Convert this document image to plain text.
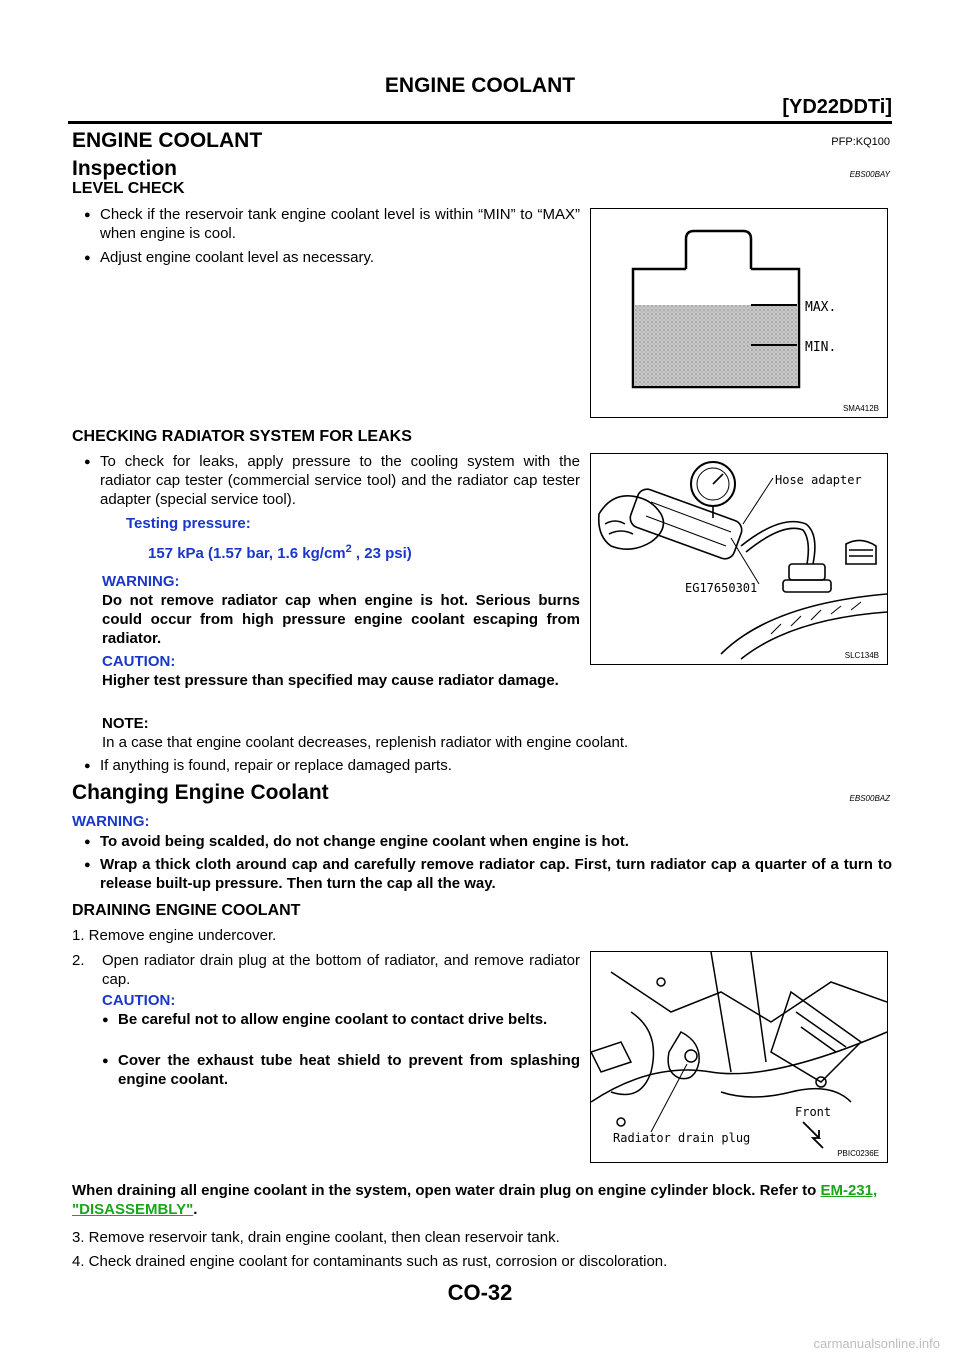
ENGINE COOLANT
[YD22DDTi]
ENGINE COOLANT	PFP:KQ100
Inspection	EBS00BAY
LEVEL CHECK
● Check if the reservoir tank engine coolant level is within “MIN” to “MAX” when engine is cool.
● Adjust engine coolant level as necessary.
MAX.
MIN.
SMA412B
CHECKING RADIATOR SYSTEM FOR LEAKS
● To check for leaks, apply pressure to the cooling system with the radiator cap tester (commercial service tool) and the radiator cap tester adapter (special service tool).
Testing pressure:
157 kPa (1.57 bar, 1.6 $kg/cm^2$ , 23 psi)
WARNING:
Do not remove radiator cap when engine is hot. Serious burns could occur from high pressure engine coolant escaping from radiator.
CAUTION:
Higher test pressure than specified may cause radiator damage.
NOTE:
In a case that engine coolant decreases, replenish radiator with engine coolant.
● If anything is found, repair or replace damaged parts.
Hose adapter
EG17650301
SLC134B
Changing Engine Coolant	EBS00BAZ
WARNING:
● To avoid being scalded, do not change engine coolant when engine is hot.
● Wrap a thick cloth around cap and carefully remove radiator cap. First, turn radiator cap a quarter of a turn to release built-up pressure. Then turn the cap all the way.
DRAINING ENGINE COOLANT
1. Remove engine undercover.
2.	Open radiator drain plug at the bottom of radiator, and remove radiator cap.
CAUTION:
● Be careful not to allow engine coolant to contact drive belts.
● Cover the exhaust tube heat shield to prevent from splashing engine coolant.
Front
Radiator drain plug
PBIC0236E
When draining all engine coolant in the system, open water drain plug on engine cylinder block. Refer to EM-231, "DISASSEMBLY".
3. Remove reservoir tank, drain engine coolant, then clean reservoir tank.
4. Check drained engine coolant for contaminants such as rust, corrosion or discoloration.
CO-32
carmanualsonline.info
